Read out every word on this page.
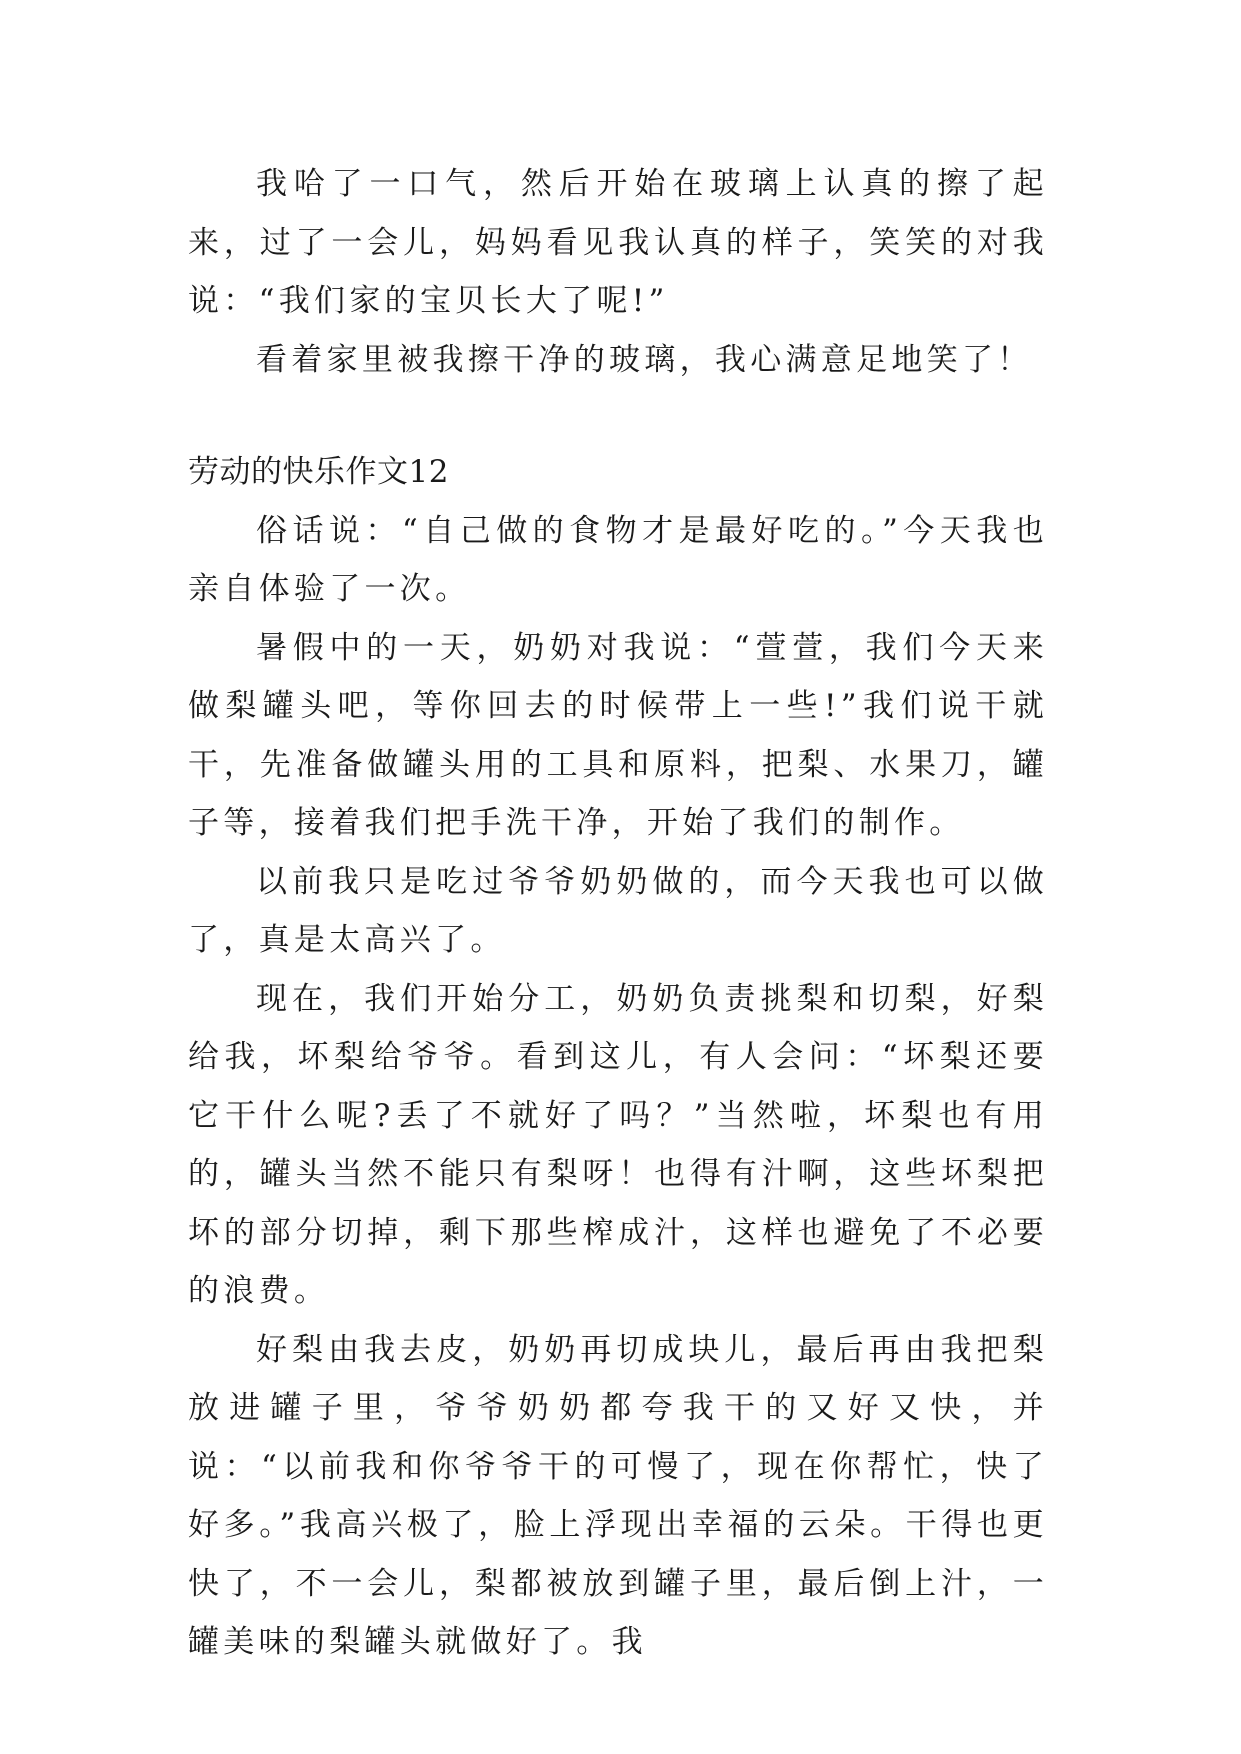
我哈了一口气，然后开始在玻璃上认真的擦了起来，过了一会儿，妈妈看见我认真的样子，笑笑的对我说：“我们家的宝贝长大了呢!”

看着家里被我擦干净的玻璃，我心满意足地笑了！

劳动的快乐作文12

俗话说：“自己做的食物才是最好吃的。”今天我也亲自体验了一次。

暑假中的一天，奶奶对我说：“萱萱，我们今天来做梨罐头吧，等你回去的时候带上一些!”我们说干就干，先准备做罐头用的工具和原料，把梨、水果刀，罐子等，接着我们把手洗干净，开始了我们的制作。

以前我只是吃过爷爷奶奶做的，而今天我也可以做了，真是太高兴了。

现在，我们开始分工，奶奶负责挑梨和切梨，好梨给我，坏梨给爷爷。看到这儿，有人会问：“坏梨还要它干什么呢?丢了不就好了吗？”当然啦，坏梨也有用的，罐头当然不能只有梨呀！也得有汁啊，这些坏梨把坏的部分切掉，剩下那些榨成汁，这样也避免了不必要的浪费。

好梨由我去皮，奶奶再切成块儿，最后再由我把梨放进罐子里，爷爷奶奶都夸我干的又好又快，并说：“以前我和你爷爷干的可慢了，现在你帮忙，快了好多。”我高兴极了，脸上浮现出幸福的云朵。干得也更快了，不一会儿，梨都被放到罐子里，最后倒上汁，一罐美味的梨罐头就做好了。我
